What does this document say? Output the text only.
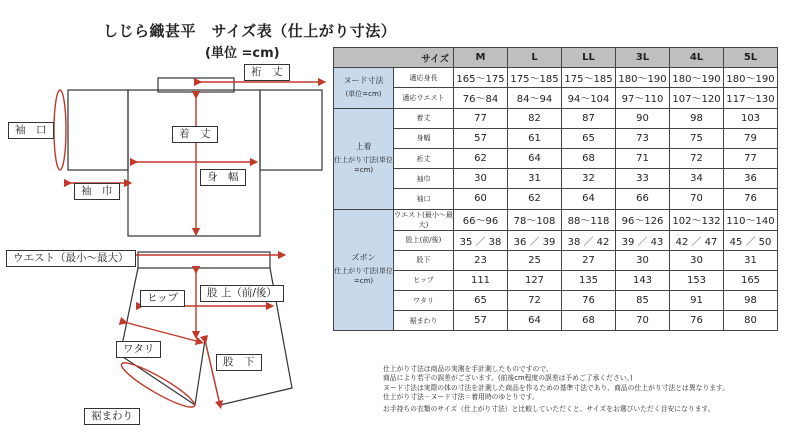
しじら織甚平　サイズ表（仕上がり寸法）
(単位 =cm)
裄　丈
袖　口	着　丈
袖　巾
身　幅
ウエスト（最小～最大）
ヒップ	股 上（前/後）
ワタリ
股　下
裾まわり
サイズ		M	L	LL	3L	4L	5L

ヌード寸法
(単位=cm)	適応身長	165～175	175～185	175～185	180～190	180～190	180～190
	適応ウエスト	76～84	84～94	94～104	97～110	107～120	117～130

上着
仕上がり寸法(単位=cm)	着丈	77	82	87	90	98	103
	身幅	57	61	65	73	75	79
	裄丈	62	64	68	71	72	77
	袖巾	30	31	32	33	34	36
	袖口	60	62	64	66	70	76

ズボン
仕上がり寸法(単位=cm)	ウエスト(最小～最大)	66～96	78～108	88～118	96～126	102～132	110～140
	股上(前/後)	35 ／ 38	36 ／ 39	38 ／ 42	39 ／ 43	42 ／ 47	45 ／ 50
	股下	23	25	27	30	30	31
	ヒップ	111	127	135	143	153	165
	ワタリ	65	72	76	85	91	98
	裾まわり	57	64	68	70	76	80
仕上がり寸法は商品の実測を手計測したものですので、
商品により若干の誤差がございます。(前後cm程度の誤差は予めご了承ください。)
ヌード寸法は実際の体の寸法を計測した商品を作るための基準寸法であり、商品の仕上がり寸法とは異なります。
仕上がり寸法－ヌード寸法＝着用時のゆとりです。
お手持ちの衣類のサイズ（仕上がり寸法）と比較していただくと、サイズをお選びいただく目安になります。
